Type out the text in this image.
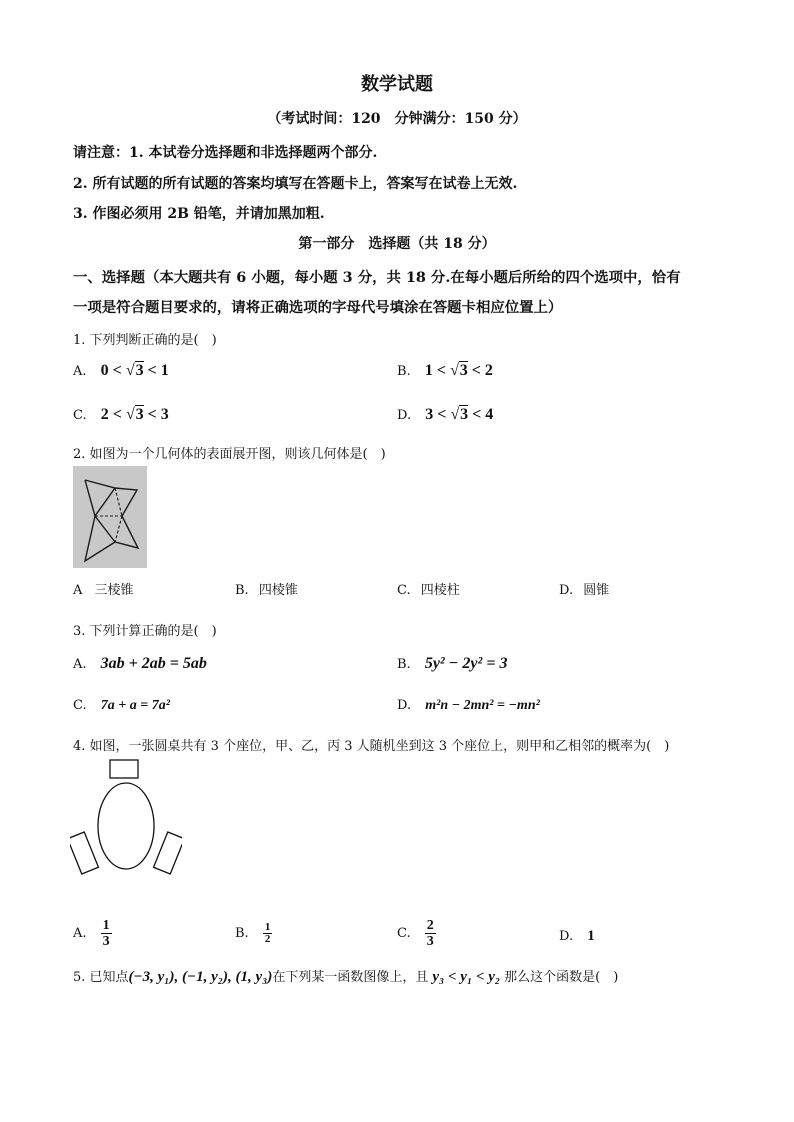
数学试题
（考试时间：120　分钟满分：150 分）
请注意：1. 本试卷分选择题和非选择题两个部分.
2. 所有试题的所有试题的答案均填写在答题卡上，答案写在试卷上无效.
3. 作图必须用 2B 铅笔，并请加黑加粗.
第一部分　选择题（共 18 分）
一、选择题（本大题共有 6 小题，每小题 3 分，共 18 分.在每小题后所给的四个选项中，恰有
一项是符合题目要求的，请将正确选项的字母代号填涂在答题卡相应位置上）
1. 下列判断正确的是(　)
A. 0 < √3 < 1	B. 1 < √3 < 2
C. 2 < √3 < 3	D. 3 < √3 < 4
2. 如图为一个几何体的表面展开图，则该几何体是(　)
A 三棱锥	B. 四棱锥	C. 四棱柱	D. 圆锥
3. 下列计算正确的是(　)
A. 3ab + 2ab = 5ab	B. 5y² − 2y² = 3
C. 7a + a = 7a²	D. m²n − 2mn² = −mn²
4. 如图，一张圆桌共有 3 个座位，甲、乙，丙 3 人随机坐到这 3 个座位上，则甲和乙相邻的概率为(　)
A. $\frac{1}{3}$	B. $\frac{1}{2}$	C. $\frac{2}{3}$	D. 1
5. 已知点(−3, y₁), (−1, y₂), (1, y₃)在下列某一函数图像上，且 y₃ < y₁ < y₂ 那么这个函数是(　)
